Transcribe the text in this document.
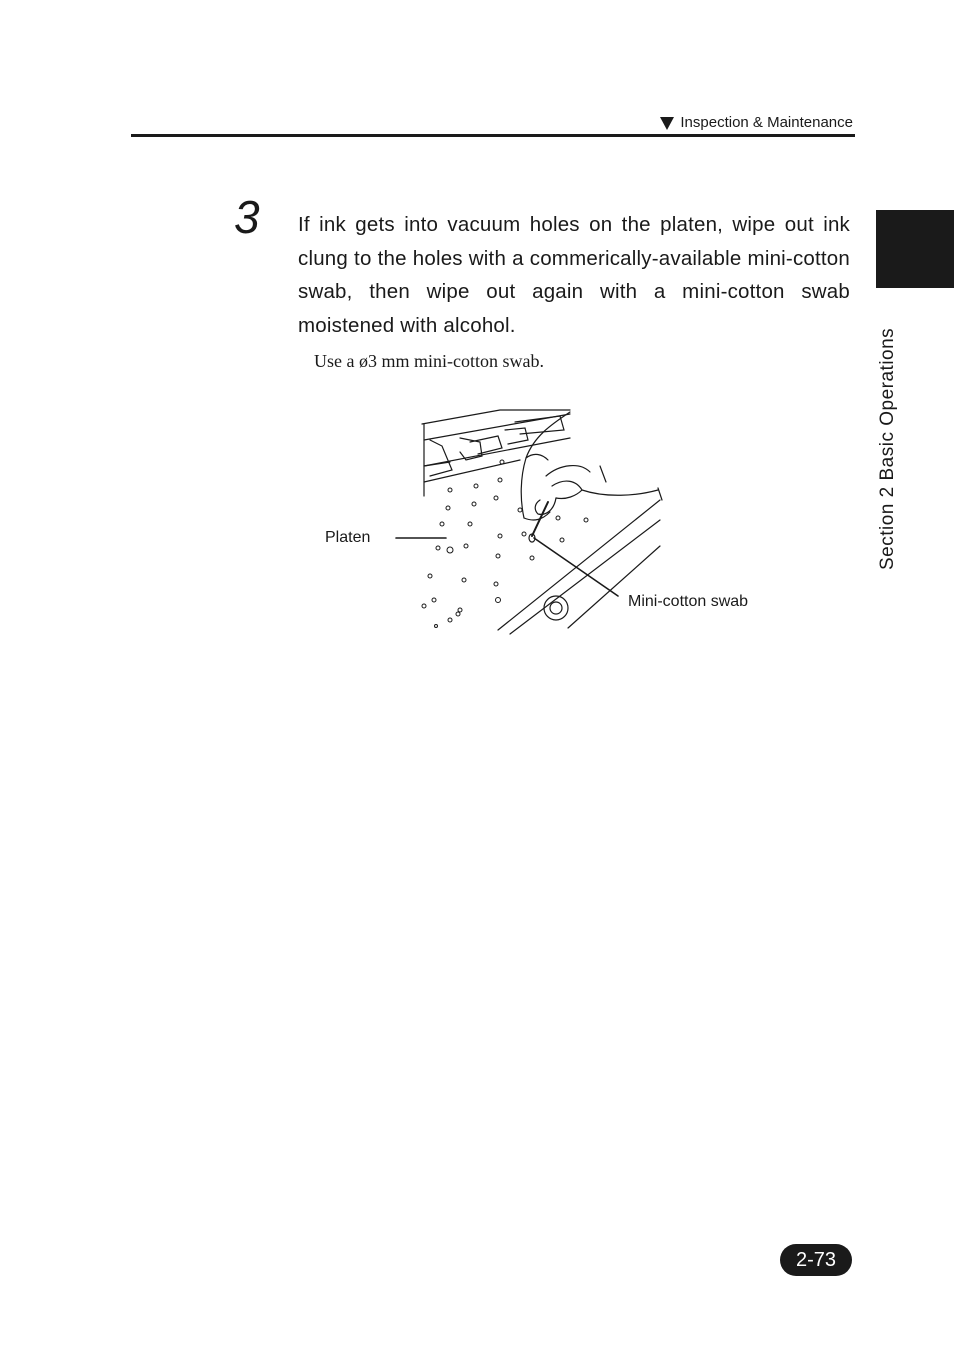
Inspection & Maintenance
Section 2 Basic Operations
3 If ink gets into vacuum holes on the platen, wipe out ink clung to the holes with a commerically-available mini-cotton swab, then wipe out again with a mini-cotton swab moistened with alcohol.
Use a ø3 mm mini-cotton swab.
Platen
Mini-cotton swab
2-73
